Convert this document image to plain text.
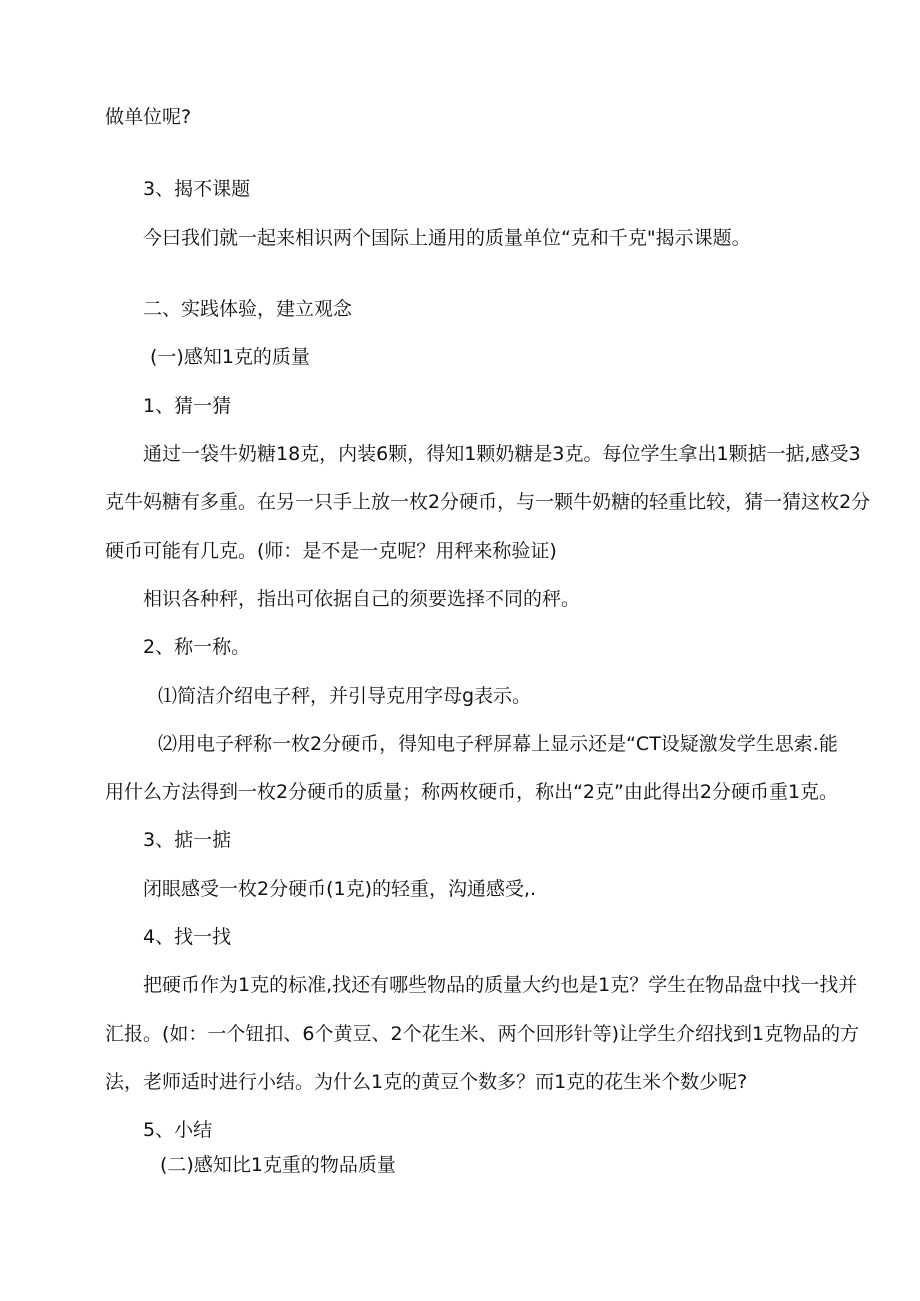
做单位呢?
3、揭不课题
今曰我们就一起来相识两个国际上通用的质量单位“克和千克"揭示课题。
二、实践体验，建立观念
(一)感知1克的质量
1、猜一猜
通过一袋牛奶糖18克，内装6颗，得知1颗奶糖是3克。每位学生拿出1颗掂一掂,感受3
克牛妈糖有多重。在另一只手上放一枚2分硬币，与一颗牛奶糖的轻重比较，猜一猜这枚2分
硬币可能有几克。(师：是不是一克呢？用秤来称验证)
相识各种秤，指出可依据自己的须要选择不同的秤。
2、称一称。
⑴简洁介绍电子秤，并引导克用字母g表示。
⑵用电子秤称一枚2分硬币，得知电子秤屏幕上显示还是“CT设疑激发学生思索.能
用什么方法得到一枚2分硬币的质量；称两枚硬币，称出“2克”由此得出2分硬币重1克。
3、掂一掂
闭眼感受一枚2分硬币(1克)的轻重，沟通感受,.
4、找一找
把硬币作为1克的标准,找还有哪些物品的质量大约也是1克？学生在物品盘中找一找并
汇报。(如：一个钮扣、6个黄豆、2个花生米、两个回形针等)让学生介绍找到1克物品的方
法，老师适时进行小结。为什么1克的黄豆个数多？而1克的花生米个数少呢?
5、小结
(二)感知比1克重的物品质量
